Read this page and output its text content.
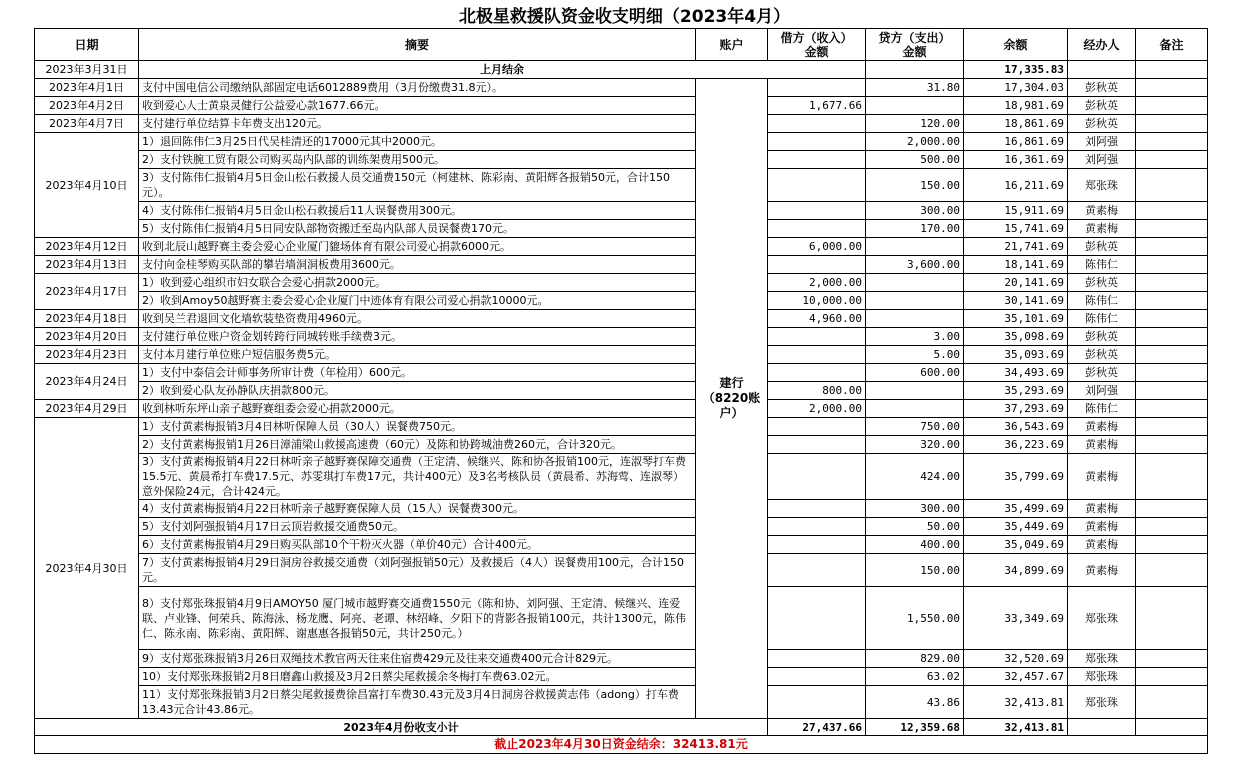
北极星救援队资金收支明细（2023年4月）
日期	摘要	账户	借方（收入）
金额	贷方（支出）
金额	余额	经办人	备注
2023年3月31日	上月结余				17,335.83		
2023年4月1日	支付中国电信公司缴纳队部固定电话6012889费用（3月份缴费31.8元）。	建行（8220账户）		31.80	17,304.03	彭秋英	
2023年4月2日	收到爱心人士黄泉灵健行公益爱心款1677.66元。		1,677.66		18,981.69	彭秋英	
2023年4月7日	支付建行单位结算卡年费支出120元。			120.00	18,861.69	彭秋英	
2023年4月10日	1）退回陈伟仁3月25日代吴桂清还的17000元其中2000元。			2,000.00	16,861.69	刘阿强	
	2）支付铁腕工贸有限公司购买岛内队部的训练架费用500元。			500.00	16,361.69	刘阿强	
	3）支付陈伟仁报销4月5日金山松石救援人员交通费150元（柯建林、陈彩南、黄阳辉各报销50元，合计150元）。			150.00	16,211.69	郑张珠	
	4）支付陈伟仁报销4月5日金山松石救援后11人误餐费用300元。			300.00	15,911.69	黄素梅	
	5）支付陈伟仁报销4月5日同安队部物资搬迁至岛内队部人员误餐费170元。			170.00	15,741.69	黄素梅	
2023年4月12日	收到北辰山越野赛主委会爱心企业厦门貔场体育有限公司爱心捐款6000元。		6,000.00		21,741.69	彭秋英	
2023年4月13日	支付向金桂琴购买队部的攀岩墙洞洞板费用3600元。			3,600.00	18,141.69	陈伟仁	
2023年4月17日	1）收到爱心组织市妇女联合会爱心捐款2000元。		2,000.00		20,141.69	彭秋英	
	2）收到Amoy50越野赛主委会爱心企业厦门中迹体育有限公司爱心捐款10000元。		10,000.00		30,141.69	陈伟仁	
2023年4月18日	收到吴兰君退回文化墙软装垫资费用4960元。		4,960.00		35,101.69	陈伟仁	
2023年4月20日	支付建行单位账户资金划转跨行同城转账手续费3元。			3.00	35,098.69	彭秋英	
2023年4月23日	支付本月建行单位账户短信服务费5元。			5.00	35,093.69	彭秋英	
2023年4月24日	1）支付中泰信会计师事务所审计费（年检用）600元。			600.00	34,493.69	彭秋英	
	2）收到爱心队友孙静队庆捐款800元。		800.00		35,293.69	刘阿强	
2023年4月29日	收到林听东坪山亲子越野赛组委会爱心捐款2000元。		2,000.00		37,293.69	陈伟仁	
2023年4月30日	1）支付黄素梅报销3月4日林听保障人员（30人）误餐费750元。			750.00	36,543.69	黄素梅	
	2）支付黄素梅报销1月26日漳浦梁山救援高速费（60元）及陈和协跨城油费260元，合计320元。			320.00	36,223.69	黄素梅	
	3）支付黄素梅报销4月22日林听亲子越野赛保障交通费（王定清、候继兴、陈和协各报销100元，连淑琴打车费15.5元、黄晨希打车费17.5元、苏雯琪打车费17元，共计400元）及3名考核队员（黄晨希、苏海莺、连淑琴）意外保险24元，合计424元。			424.00	35,799.69	黄素梅	
	4）支付黄素梅报销4月22日林听亲子越野赛保障人员（15人）误餐费300元。			300.00	35,499.69	黄素梅	
	5）支付刘阿强报销4月17日云顶岩救援交通费50元。			50.00	35,449.69	黄素梅	
	6）支付黄素梅报销4月29日购买队部10个干粉灭火器（单价40元）合计400元。			400.00	35,049.69	黄素梅	
	7）支付黄素梅报销4月29日洞房谷救援交通费（刘阿强报销50元）及救援后（4人）误餐费用100元，合计150元。			150.00	34,899.69	黄素梅	
	8）支付郑张珠报销4月9日AMOY50 厦门城市越野赛交通费1550元（陈和协、刘阿强、王定清、候继兴、连爱联、卢业锋、何荣兵、陈海泳、杨龙鹰、阿亮、老谭、林绍峰、夕阳下的背影各报销100元，共计1300元，陈伟仁、陈永南、陈彩南、黄阳辉、谢惠惠各报销50元，共计250元。）			1,550.00	33,349.69	郑张珠	
	9）支付郑张珠报销3月26日双绳技术教官两天往来住宿费429元及往来交通费400元合计829元。			829.00	32,520.69	郑张珠	
	10）支付郑张珠报销2月8日磨鑫山救援及3月2日蔡尖尾救援余冬梅打车费63.02元。			63.02	32,457.67	郑张珠	
	11）支付郑张珠报销3月2日蔡尖尾救援费徐昌富打车费30.43元及3月4日洞房谷救援黄志伟（adong）打车费13.43元合计43.86元。			43.86	32,413.81	郑张珠	
2023年4月份收支小计			27,437.66	12,359.68	32,413.81		
截止2023年4月30日资金结余：32413.81元							
